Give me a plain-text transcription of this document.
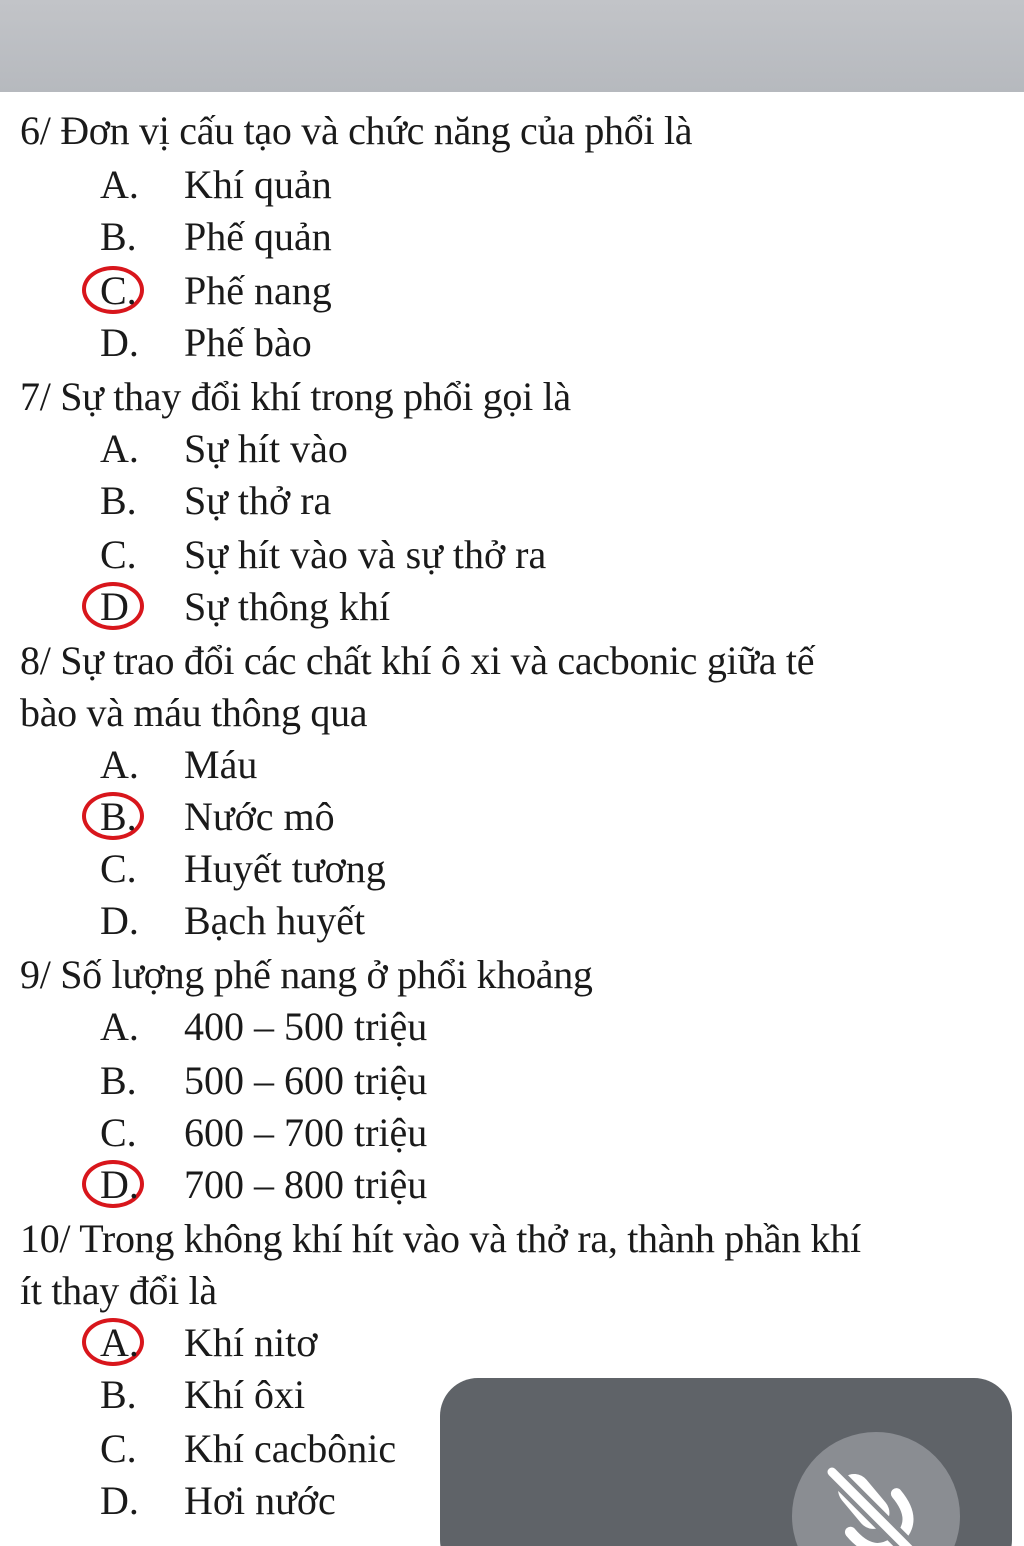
6/ Đơn vị cấu tạo và chức năng của phổi là
A. Khí quản
B.	Phế quản
C.	Phế nang
D. Phế bào
7/ Sự thay đổi khí trong phổi gọi là
A. Sự hít vào
B.	Sự thở ra
C.	Sự hít vào và sự thở ra
D	Sự thông khí
8/ Sự trao đổi các chất khí ô xi và cacbonic giữa tế
bào và máu thông qua
A. Máu
B.	Nước mô
C.	Huyết tương
D. Bạch huyết
9/ Số lượng phế nang ở phổi khoảng
A. 400 – 500 triệu
B.	500 – 600 triệu
C.	600 – 700 triệu
D. 700 – 800 triệu
10/ Trong không khí hít vào và thở ra, thành phần khí
ít thay đổi là
A. Khí nitơ
B.	Khí ôxi
C.	Khí cacbônic
D. Hơi nước
